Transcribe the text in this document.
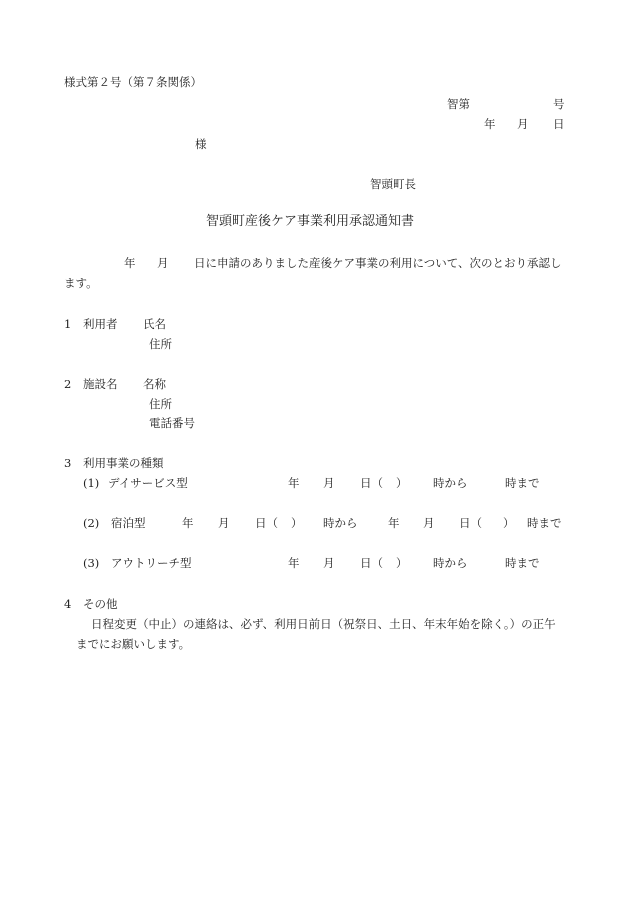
様式第２号（第７条関係）
智第	号
年 月 日
様
智頭町長
智頭町産後ケア事業利用承認通知書
年 月 日に申請のありました産後ケア事業の利用について、次のとおり承認し
ます。
1 利用者 氏名
住所
2 施設名 名称
住所
電話番号
3 利用事業の種類
(1) デイサービス型	年 月 日（ ） 時から	時まで
(2) 宿泊型	年 月 日（ ） 時から	年 月 日（ ） 時まで
(3) アウトリーチ型	年 月 日（ ） 時から	時まで
4 その他
日程変更（中止）の連絡は、必ず、利用日前日（祝祭日、土日、年末年始を除く。）の正午
までにお願いします。
